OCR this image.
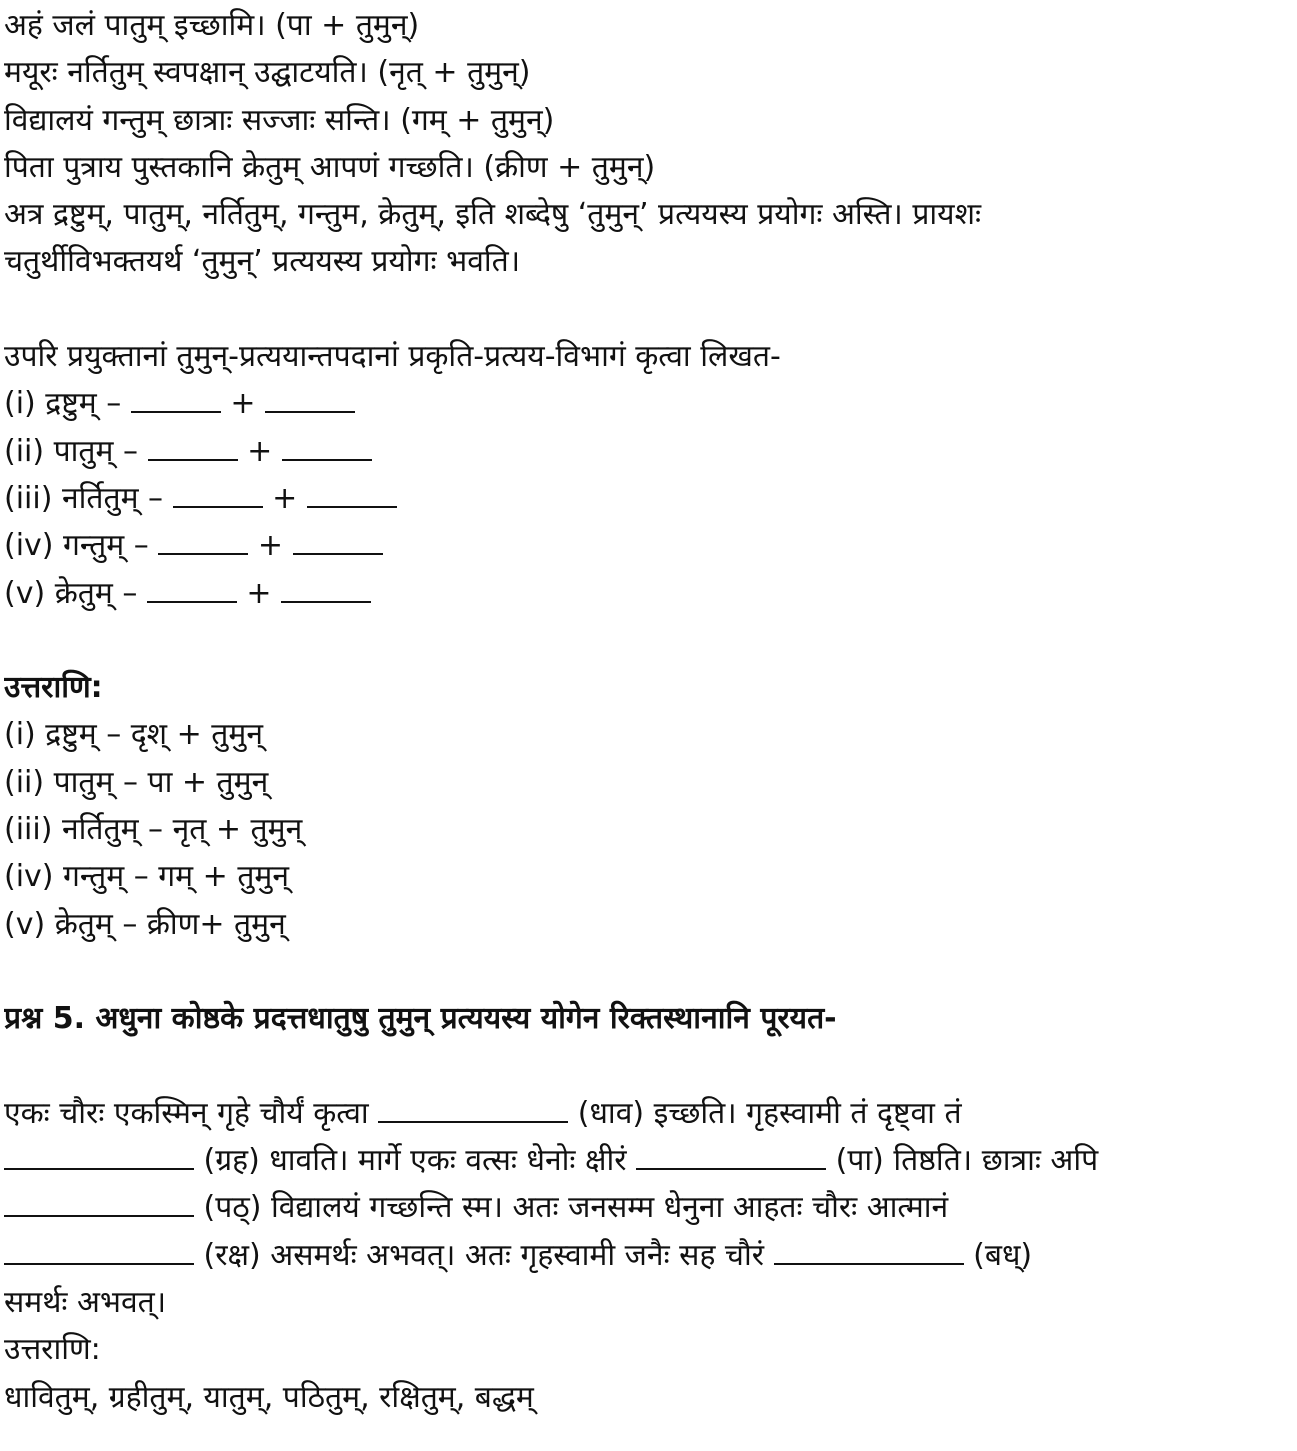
अहं जलं पातुम् इच्छामि। (पा + तुमुन्)
मयूरः नर्तितुम् स्वपक्षान् उद्घाटयति। (नृत् + तुमुन्)
विद्यालयं गन्तुम् छात्राः सज्जाः सन्ति। (गम् + तुमुन्)
पिता पुत्राय पुस्तकानि क्रेतुम् आपणं गच्छति। (क्रीण + तुमुन्)
अत्र द्रष्टुम्, पातुम्, नर्तितुम्, गन्तुम, क्रेतुम्, इति शब्देषु ‘तुमुन्’ प्रत्ययस्य प्रयोगः अस्ति। प्रायशः
चतुर्थीविभक्तयर्थ ‘तुमुन्’ प्रत्ययस्य प्रयोगः भवति।
उपरि प्रयुक्तानां तुमुन्-प्रत्ययान्तपदानां प्रकृति-प्रत्यय-विभागं कृत्वा लिखत-
(i) द्रष्टुम् –	+
(ii) पातुम् –	+
(iii) नर्तितुम् –	+
(iv) गन्तुम् –	+
(v) क्रेतुम् –	+
उत्तराणि:
(i) द्रष्टुम् – दृश् + तुमुन्
(ii) पातुम् – पा + तुमुन्
(iii) नर्तितुम् – नृत् + तुमुन्
(iv) गन्तुम् – गम् + तुमुन्
(v) क्रेतुम् – क्रीण+ तुमुन्
प्रश्न 5. अधुना कोष्ठके प्रदत्तधातुषु तुमुन् प्रत्ययस्य योगेन रिक्तस्थानानि पूरयत-
एकः चौरः एकस्मिन् गृहे चौर्यं कृत्वा	(धाव) इच्छति। गृहस्वामी तं दृष्ट्वा तं
(ग्रह) धावति। मार्गे एकः वत्सः धेनोः क्षीरं	(पा) तिष्ठति। छात्राः अपि
(पठ्) विद्यालयं गच्छन्ति स्म। अतः जनसम्म धेनुना आहतः चौरः आत्मानं
(रक्ष) असमर्थः अभवत्। अतः गृहस्वामी जनैः सह चौरं	(बध्)
समर्थः अभवत्।
उत्तराणि:
धावितुम्, ग्रहीतुम्, यातुम्, पठितुम्, रक्षितुम्, बद्धम्
